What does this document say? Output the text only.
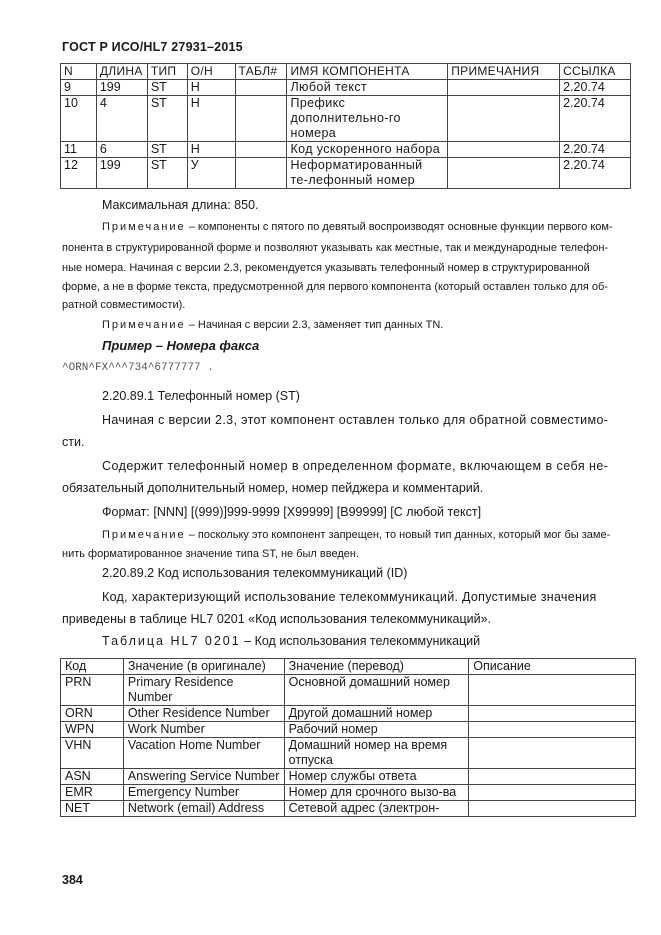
ГОСТ Р ИСО/HL7 27931–2015
N	ДЛИНА	ТИП	О/Н	ТАБЛ#	ИМЯ КОМПОНЕНТА	ПРИМЕЧАНИЯ	ССЫЛКА
9	199	ST	Н		Любой текст		2.20.74
10	4	ST	Н		Префикс дополнительно-го номера		2.20.74
11	6	ST	Н		Код ускоренного набора		2.20.74
12	199	ST	У		Неформатированный те-лефонный номер		2.20.74
Максимальная длина: 850.
Примечание – компоненты с пятого по девятый воспроизводят основные функции первого ком-
понента в структурированной форме и позволяют указывать как местные, так и международные телефон-
ные номера. Начиная с версии 2.3, рекомендуется указывать телефонный номер в структурированной
форме, а не в форме текста, предусмотренной для первого компонента (который оставлен только для об-
ратной совместимости).
Примечание – Начиная с версии 2.3, заменяет тип данных TN.
Пример – Номера факса
^ORN^FX^^^734^6777777 .
2.20.89.1 Телефонный номер (ST)
Начиная с версии 2.3, этот компонент оставлен только для обратной совместимо-
сти.
Содержит телефонный номер в определенном формате, включающем в себя не-
обязательный дополнительный номер, номер пейджера и комментарий.
Формат: [NNN] [(999)]999-9999 [X99999] [B99999] [C любой текст]
Примечание – поскольку это компонент запрещен, то новый тип данных, который мог бы заме-
нить форматированное значение типа ST, не был введен.
2.20.89.2 Код использования телекоммуникаций (ID)
Код, характеризующий использование телекоммуникаций. Допустимые значения
приведены в таблице HL7 0201 «Код использования телекоммуникаций».
Таблица HL7 0201 – Код использования телекоммуникаций
Код	Значение (в оригинале)	Значение (перевод)	Описание
PRN	Primary Residence Number	Основной домашний номер	
ORN	Other Residence Number	Другой домашний номер	
WPN	Work Number	Рабочий номер	
VHN	Vacation Home Number	Домашний номер на время отпуска	
ASN	Answering Service Number	Номер службы ответа	
EMR	Emergency Number	Номер для срочного вызо-ва	
NET	Network (email) Address	Сетевой адрес (электрон-	
384
